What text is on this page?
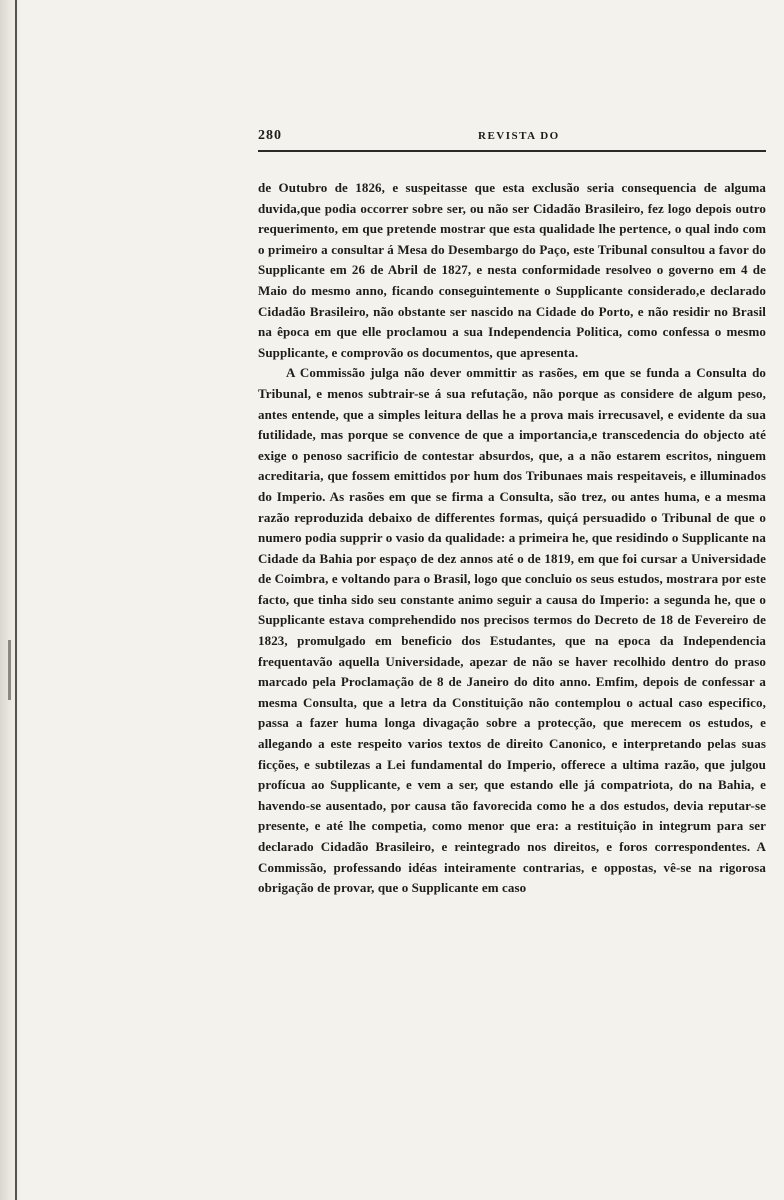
280	REVISTA DO

de Outubro de 1826, e suspeitasse que esta exclusão seria consequencia de alguma duvida,que podia occorrer sobre ser, ou não ser Cidadão Brasileiro, fez logo depois outro requerimento, em que pretende mostrar que esta qualidade lhe pertence, o qual indo com o primeiro a consultar á Mesa do Desembargo do Paço, este Tribunal consultou a favor do Supplicante em 26 de Abril de 1827, e nesta conformidade resolveo o governo em 4 de Maio do mesmo anno, ficando conseguintemente o Supplicante considerado,e declarado Cidadão Brasileiro, não obstante ser nascido na Cidade do Porto, e não residir no Brasil na êpoca em que elle proclamou a sua Independencia Politica, como confessa o mesmo Supplicante, e comprovão os documentos, que apresenta.

A Commissão julga não dever ommittir as rasões, em que se funda a Consulta do Tribunal, e menos subtrair-se á sua refutação, não porque as considere de algum peso, antes entende, que a simples leitura dellas he a prova mais irrecusavel, e evidente da sua futilidade, mas porque se convence de que a importancia,e transcedencia do objecto até exige o penoso sacrificio de contestar absurdos, que, a a não estarem escritos, ninguem acreditaria, que fossem emittidos por hum dos Tribunaes mais respeitaveis, e illuminados do Imperio. As rasões em que se firma a Consulta, são trez, ou antes huma, e a mesma razão reproduzida debaixo de differentes formas, quiçá persuadido o Tribunal de que o numero podia supprir o vasio da qualidade: a primeira he, que residindo o Supplicante na Cidade da Bahia por espaço de dez annos até o de 1819, em que foi cursar a Universidade de Coimbra, e voltando para o Brasil, logo que concluio os seus estudos, mostrara por este facto, que tinha sido seu constante animo seguir a causa do Imperio: a segunda he, que o Supplicante estava comprehendido nos precisos termos do Decreto de 18 de Fevereiro de 1823, promulgado em beneficio dos Estudantes, que na epoca da Independencia frequentavão aquella Universidade, apezar de não se haver recolhido dentro do praso marcado pela Proclamação de 8 de Janeiro do dito anno. Emfim, depois de confessar a mesma Consulta, que a letra da Constituição não contemplou o actual caso especifico, passa a fazer huma longa divagação sobre a protecção, que merecem os estudos, e allegando a este respeito varios textos de direito Canonico, e interpretando pelas suas ficções, e subtilezas a Lei fundamental do Imperio, offerece a ultima razão, que julgou profícua ao Supplicante, e vem a ser, que estando elle já compatriota, do na Bahia, e havendo-se ausentado, por causa tão favorecida como he a dos estudos, devia reputar-se presente, e até lhe competia, como menor que era: a restituição in integrum para ser declarado Cidadão Brasileiro, e reintegrado nos direitos, e foros correspondentes. A Commissão, professando idéas inteiramente contrarias, e oppostas, vê-se na rigorosa obrigação de provar, que o Supplicante em caso
